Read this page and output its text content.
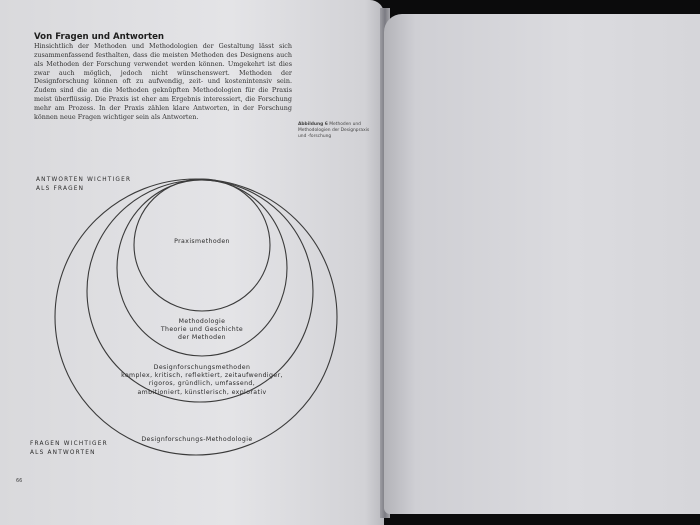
Von Fragen und Antworten

Hinsichtlich der Methoden und Methodologien der Gestaltung lässt sich zusammenfassend festhalten, dass die meisten Methoden des Designens auch als Methoden der Forschung verwendet werden können. Umgekehrt ist dies zwar auch möglich, jedoch nicht wünschenswert. Methoden der Designforschung können oft zu aufwendig, zeit- und kostenintensiv sein. Zudem sind die an die Methoden geknüpften Methodologien für die Praxis meist überflüssig. Die Praxis ist eher am Ergebnis interessiert, die Forschung mehr am Prozess. In der Praxis zählen klare Antworten, in der Forschung können neue Fragen wichtiger sein als Antworten.

Abbildung 6 Methoden und Methodologien der Designpraxis und -forschung
ANTWORTEN WICHTIGER
ALS FRAGEN
FRAGEN WICHTIGER
ALS ANTWORTEN
Praxismethoden
Methodologie
Theorie und Geschichte
der Methoden
Designforschungsmethoden
komplex, kritisch, reflektiert, zeitaufwendiger,
rigoros, gründlich, umfassend,
ambitioniert, künstlerisch, explorativ
Designforschungs-Methodologie
66
